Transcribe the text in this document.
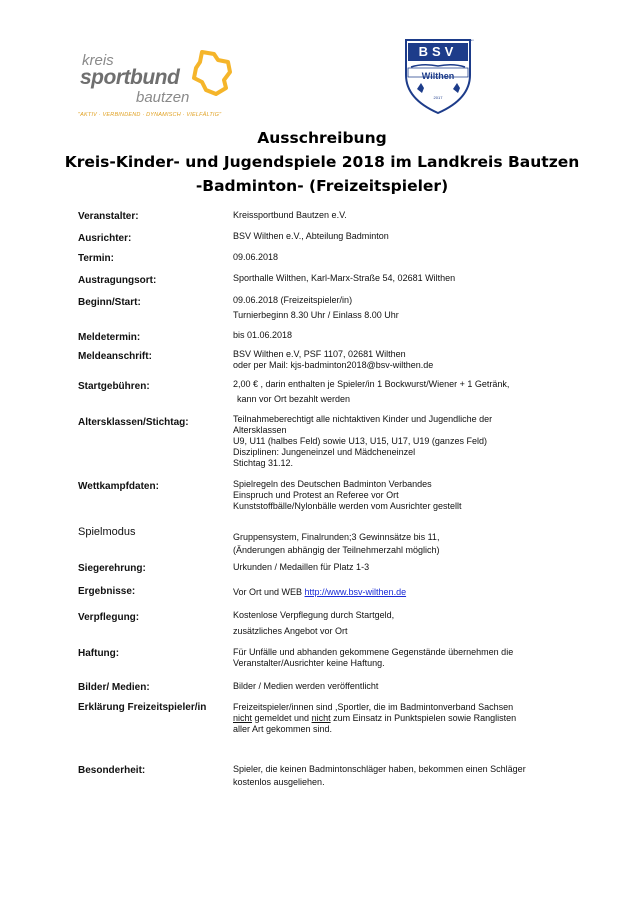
kreis
sportbund
bautzen
"AKTIV · VERBINDEND · DYNAMISCH · VIELFÄLTIG"
Badminton · Sportverein · Wilthen · 2017 · Bautzen
BSV
Wilthen
2017
Ausschreibung
Kreis-Kinder- und Jugendspiele 2018 im Landkreis Bautzen
-Badminton- (Freizeitspieler)
Veranstalter:	Kreissportbund Bautzen e.V.
Ausrichter:	BSV Wilthen e.V., Abteilung Badminton
Termin:	09.06.2018
Austragungsort:	Sporthalle Wilthen, Karl-Marx-Straße 54, 02681 Wilthen
Beginn/Start:	09.06.2018 (Freizeitspieler/in)
Turnierbeginn 8.30 Uhr / Einlass 8.00 Uhr
Meldetermin:	bis 01.06.2018
Meldeanschrift:	BSV Wilthen e.V, PSF 1107, 02681 Wilthen
oder per Mail: kjs-badminton2018@bsv-wilthen.de
Startgebühren:	2,00 € , darin enthalten je Spieler/in 1 Bockwurst/Wiener + 1 Getränk,
kann vor Ort bezahlt werden
Altersklassen/Stichtag:	Teilnahmeberechtigt alle nichtaktiven Kinder und Jugendliche der
Altersklassen
U9, U11 (halbes Feld) sowie U13, U15, U17, U19 (ganzes Feld)
Disziplinen: Jungeneinzel und Mädcheneinzel
Stichtag 31.12.
Wettkampfdaten:	Spielregeln des Deutschen Badminton Verbandes
Einspruch und Protest an Referee vor Ort
Kunststoffbälle/Nylonbälle werden vom Ausrichter gestellt
Spielmodus	Gruppensystem, Finalrunden;3 Gewinnsätze bis 11,
(Änderungen abhängig der Teilnehmerzahl möglich)
Siegerehrung:	Urkunden / Medaillen für Platz 1-3
Ergebnisse:	Vor Ort und WEB http://www.bsv-wilthen.de
Verpflegung:	Kostenlose Verpflegung durch Startgeld,
zusätzliches Angebot vor Ort
Haftung:	Für Unfälle und abhanden gekommene Gegenstände übernehmen die
Veranstalter/Ausrichter keine Haftung.
Bilder/ Medien:	Bilder / Medien werden veröffentlicht
Erklärung Freizeitspieler/in	Freizeitspieler/innen sind ,Sportler, die im Badmintonverband Sachsen
nicht gemeldet und nicht zum Einsatz in Punktspielen sowie Ranglisten
aller Art gekommen sind.
Besonderheit:	Spieler, die keinen Badmintonschläger haben, bekommen einen Schläger
kostenlos ausgeliehen.
